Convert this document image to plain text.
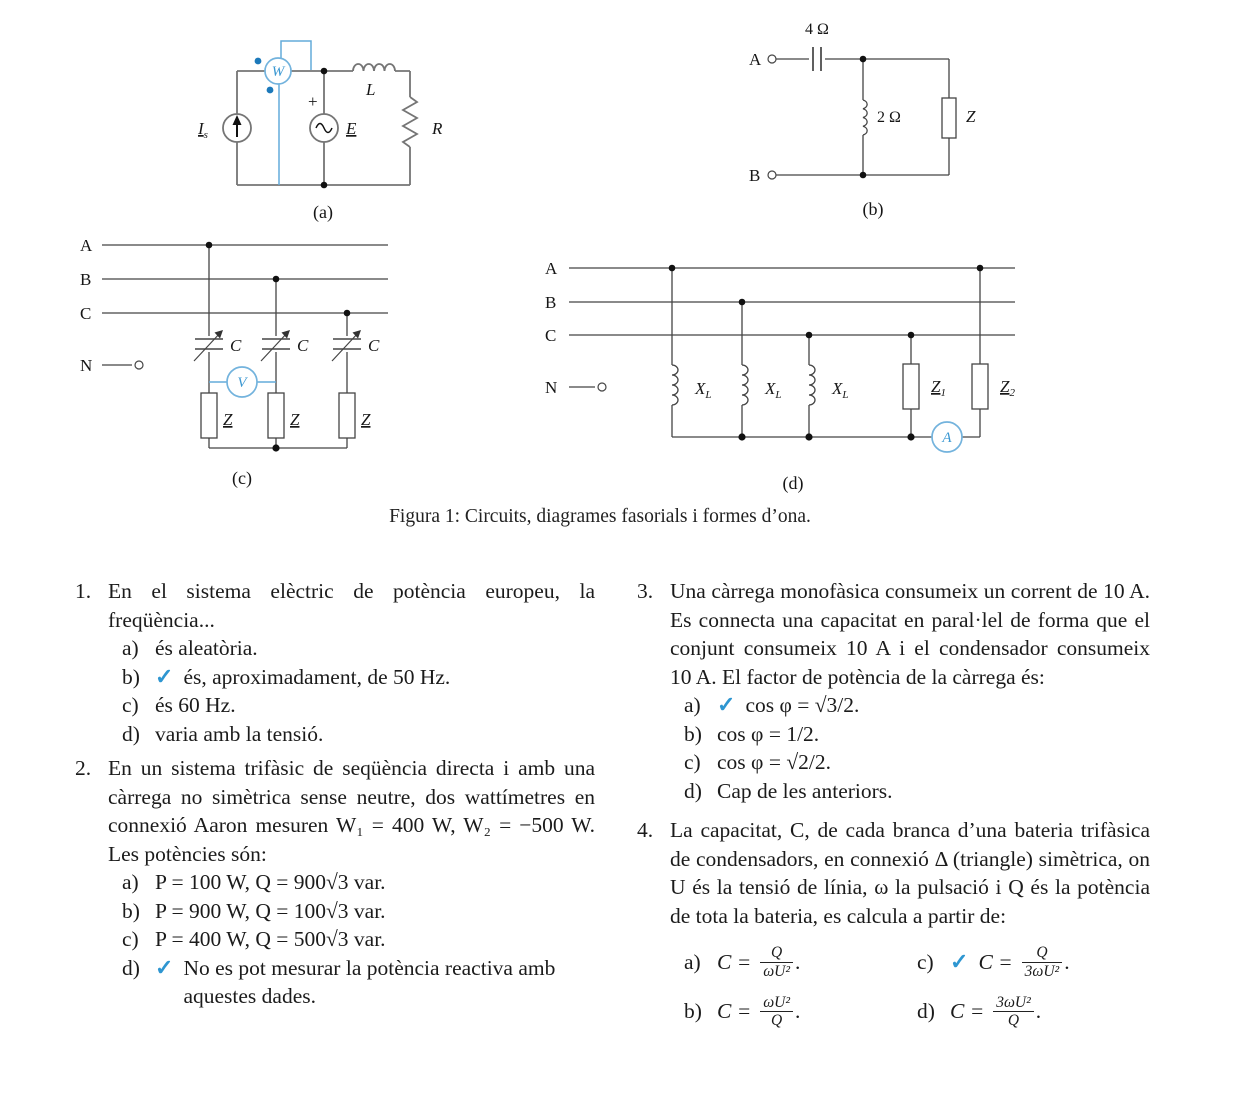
W
$I_s$
+
E
L
R
(a)
A
B
4 Ω
2 Ω	Z
(b)
V
A
B
C
N
C	C	C
Z	Z	Z
(c)
A
A
B
C
N	$X_L$	$X_L$	$X_L$	$Z_1$	$Z_2$
(d)
Figura 1: Circuits, diagrames fasorials i formes d’ona.
1. En el sistema elèctric de potència europeu, la freqüència...
a) és aleatòria.
b) ✓ és, aproximadament, de 50 Hz.
c) és 60 Hz.
d) varia amb la tensió.
2. En un sistema trifàsic de seqüència directa i amb una càrrega no simètrica sense neutre, dos wattímetres en connexió Aaron mesuren W₁ = 400 W, W₂ = −500 W. Les potències són:
a) P = 100 W, Q = 900√3 var.
b) P = 900 W, Q = 100√3 var.
c) P = 400 W, Q = 500√3 var.
d) ✓ No es pot mesurar la potència reactiva amb aquestes dades.
3. Una càrrega monofàsica consumeix un corrent de 10 A. Es connecta una capacitat en paral·lel de forma que el conjunt consumeix 10 A i el condensador consumeix 10 A. El factor de potència de la càrrega és:
a) ✓ cos φ = √3/2.
b) cos φ = 1/2.
c) cos φ = √2/2.
d) Cap de les anteriors.
4. La capacitat, C, de cada branca d’una bateria trifàsica de condensadors, en connexió Δ (triangle) simètrica, on U és la tensió de línia, ω la pulsació i Q és la potència de tota la bateria, es calcula a partir de:
a) $C = \frac{Q}{\text{ωU²}}$ .	c) ✓ $C = \frac{Q}{\text{3ωU²}}$ .
b) $C = \frac{\text{ωU²}}{Q}$ .	d) $C = \frac{\text{3ωU²}}{Q}$ .
